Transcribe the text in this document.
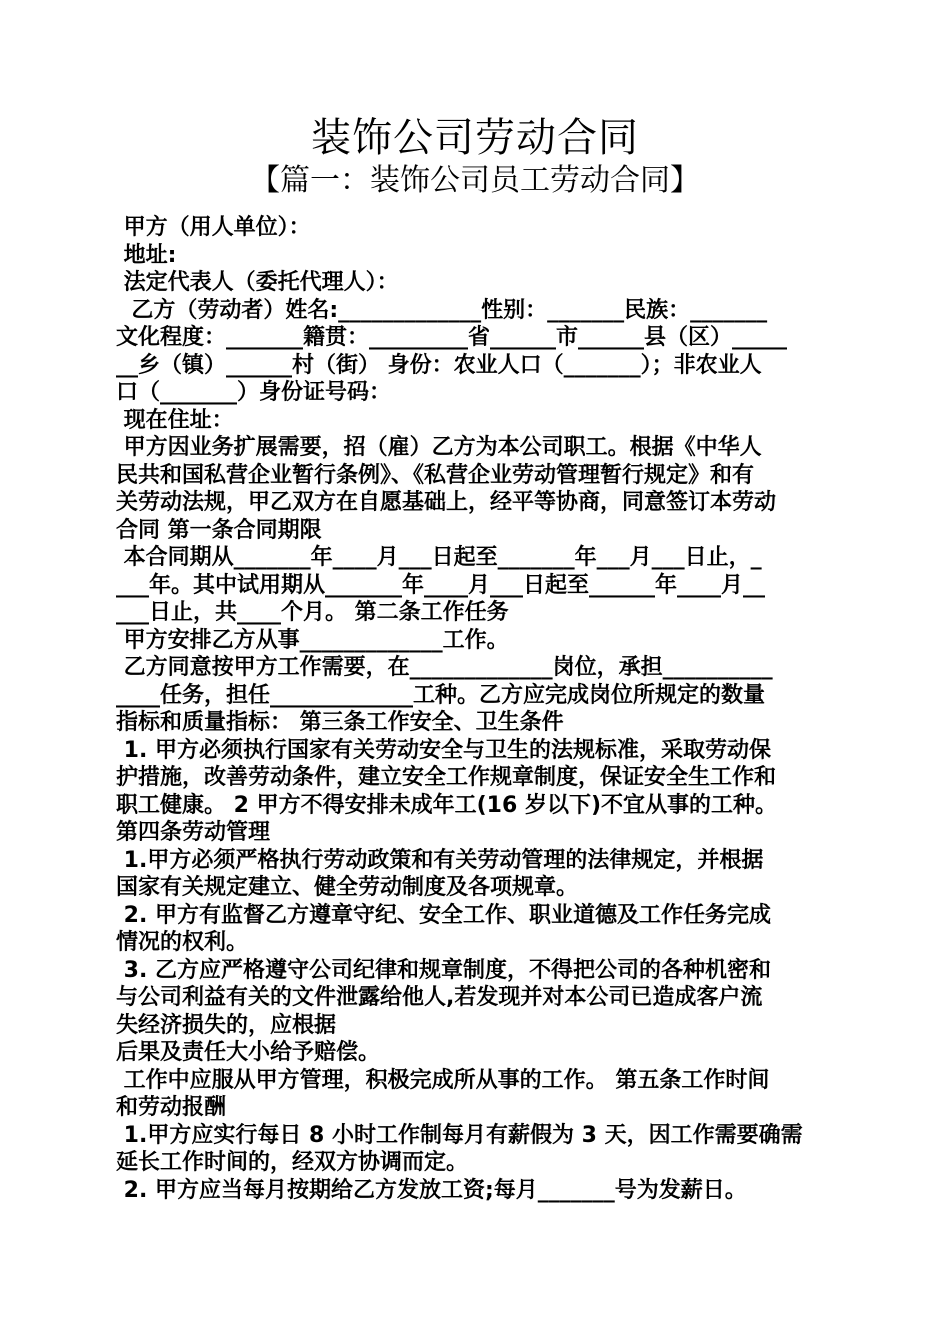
装饰公司劳动合同
【篇一：装饰公司员工劳动合同】
甲方（用人单位）：
地址:
法定代表人（委托代理人）：
乙方（劳动者）姓名:_____________性别：_______民族：_______
文化程度：_______籍贯：_________省______市______县（区）_____
__乡（镇）______村（街） 身份：农业人口（_______）；非农业人
口（_______）身份证号码：
现在住址：
甲方因业务扩展需要，招（雇）乙方为本公司职工。根据《中华人
民共和国私营企业暂行条例》、《私营企业劳动管理暂行规定》和有
关劳动法规，甲乙双方在自愿基础上，经平等协商，同意签订本劳动
合同 第一条合同期限
本合同期从_______年____月___日起至_______年___月___日止，_
___年。其中试用期从_______年____月___日起至______年____月__
___日止，共____个月。 第二条工作任务
甲方安排乙方从事_____________工作。
乙方同意按甲方工作需要，在_____________岗位，承担__________
____任务，担任_____________工种。乙方应完成岗位所规定的数量
指标和质量指标： 第三条工作安全、卫生条件
1. 甲方必须执行国家有关劳动安全与卫生的法规标准，采取劳动保
护措施，改善劳动条件，建立安全工作规章制度，保证安全生工作和
职工健康。 2 甲方不得安排未成年工(16 岁以下)不宜从事的工种。
第四条劳动管理
1.甲方必须严格执行劳动政策和有关劳动管理的法律规定，并根据
国家有关规定建立、健全劳动制度及各项规章。
2. 甲方有监督乙方遵章守纪、安全工作、职业道德及工作任务完成
情况的权利。
3. 乙方应严格遵守公司纪律和规章制度，不得把公司的各种机密和
与公司利益有关的文件泄露给他人,若发现并对本公司已造成客户流
失经济损失的，应根据
后果及责任大小给予赔偿。
工作中应服从甲方管理，积极完成所从事的工作。 第五条工作时间
和劳动报酬
1.甲方应实行每日 8 小时工作制每月有薪假为 3 天，因工作需要确需
延长工作时间的，经双方协调而定。
2. 甲方应当每月按期给乙方发放工资;每月_______号为发薪日。
